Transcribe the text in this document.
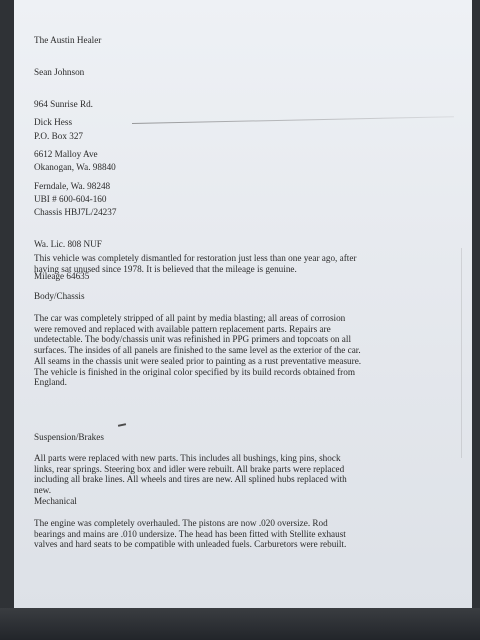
The Austin Healer

Sean Johnson

964 Sunrise Rd.

P.O. Box 327

Okanogan, Wa. 98840

UBI # 600-604-160

Dick Hess

6612 Malloy Ave

Ferndale, Wa. 98248

Chassis HBJ7L/24237

Wa. Lic. 808 NUF

Mileage 64635

This vehicle was completely dismantled for restoration just less than one year ago, after
having sat unused since 1978. It is believed that the mileage is genuine.
Body/Chassis
The car was completely stripped of all paint by media blasting; all areas of corrosion
were removed and replaced with available pattern replacement parts. Repairs are
undetectable. The body/chassis unit was refinished in PPG primers and topcoats on all
surfaces. The insides of all panels are finished to the same level as the exterior of the car.
All seams in the chassis unit were sealed prior to painting as a rust preventative measure.
The vehicle is finished in the original color specified by its build records obtained from
England.
Suspension/Brakes
All parts were replaced with new parts. This includes all bushings, king pins, shock
links, rear springs. Steering box and idler were rebuilt. All brake parts were replaced
including all brake lines. All wheels and tires are new. All splined hubs replaced with
new.
Mechanical
The engine was completely overhauled. The pistons are now .020 oversize. Rod
bearings and mains are .010 undersize. The head has been fitted with Stellite exhaust
valves and hard seats to be compatible with unleaded fuels. Carburetors were rebuilt.
